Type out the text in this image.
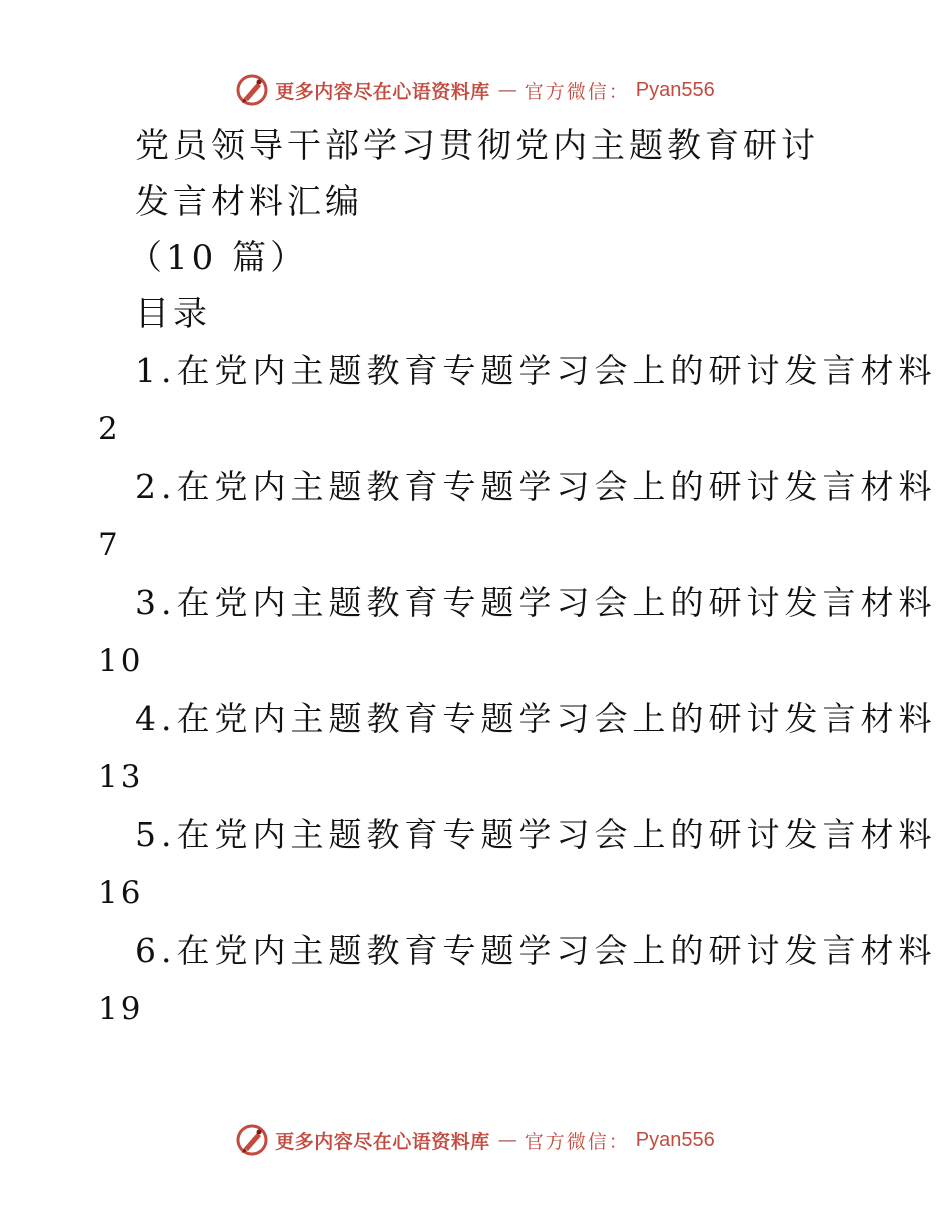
更多内容尽在心语资料库 — 官方微信： Pyan556
党员领导干部学习贯彻党内主题教育研讨
发言材料汇编
（10 篇）
目录
1.在党内主题教育专题学习会上的研讨发言材料
2
2.在党内主题教育专题学习会上的研讨发言材料
7
3.在党内主题教育专题学习会上的研讨发言材料
10
4.在党内主题教育专题学习会上的研讨发言材料
13
5.在党内主题教育专题学习会上的研讨发言材料
16
6.在党内主题教育专题学习会上的研讨发言材料
19
更多内容尽在心语资料库 — 官方微信： Pyan556
